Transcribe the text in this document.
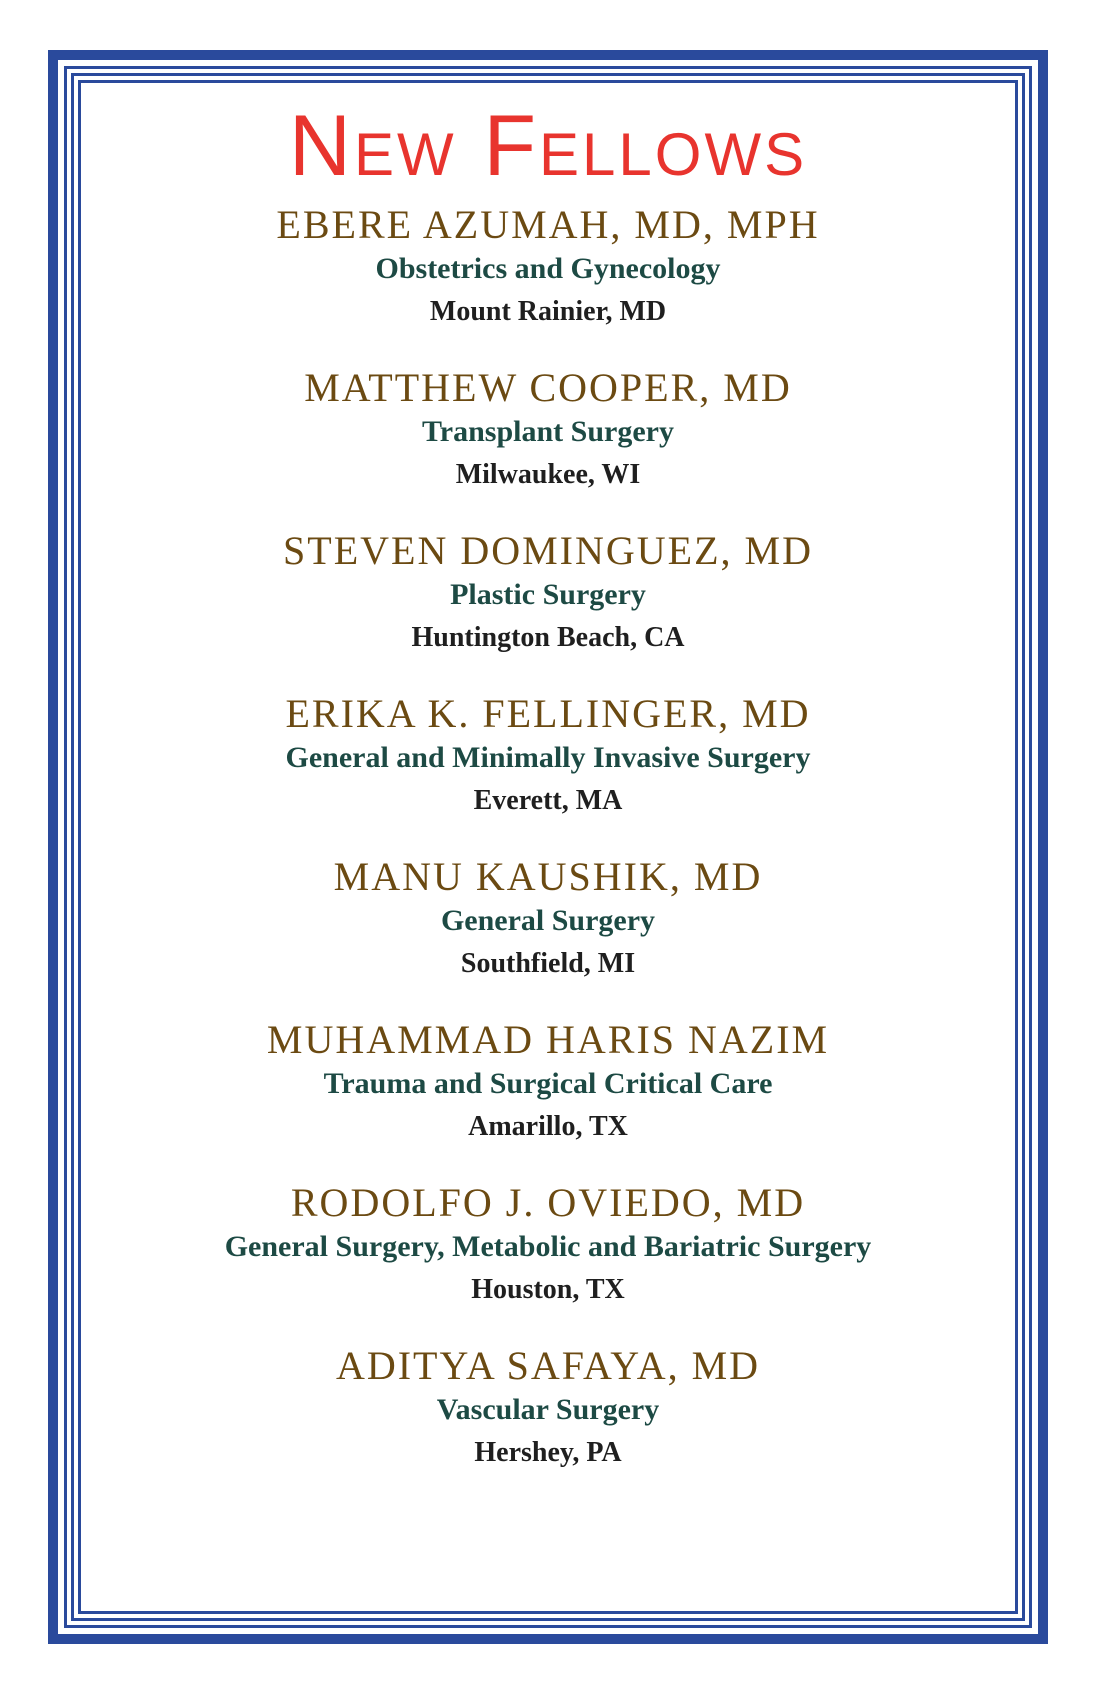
New Fellows
EBERE AZUMAH, MD, MPH
Obstetrics and Gynecology
Mount Rainier, MD
MATTHEW COOPER, MD
Transplant Surgery
Milwaukee, WI
STEVEN DOMINGUEZ, MD
Plastic Surgery
Huntington Beach, CA
ERIKA K. FELLINGER, MD
General and Minimally Invasive Surgery
Everett, MA
MANU KAUSHIK, MD
General Surgery
Southfield, MI
MUHAMMAD HARIS NAZIM
Trauma and Surgical Critical Care
Amarillo, TX
RODOLFO J. OVIEDO, MD
General Surgery, Metabolic and Bariatric Surgery
Houston, TX
ADITYA SAFAYA, MD
Vascular Surgery
Hershey, PA
